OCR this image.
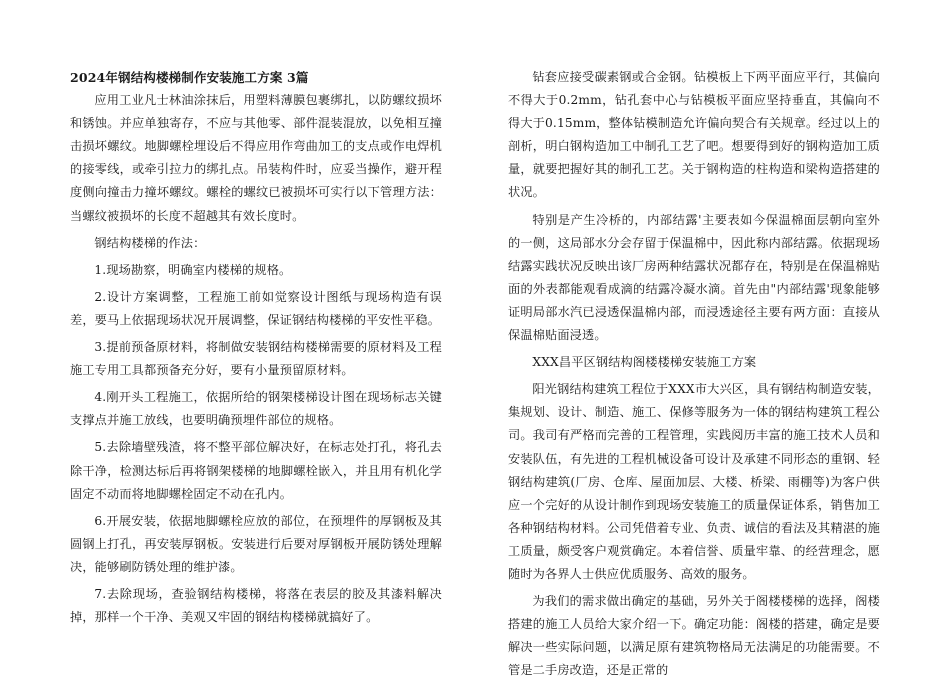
2024年钢结构楼梯制作安装施工方案 3篇

应用工业凡士林油涂抹后，用塑料薄膜包裹绑扎，以防螺纹损坏和锈蚀。并应单独寄存，不应与其他零、部件混装混放，以免相互撞击损坏螺纹。地脚螺栓埋设后不得应用作弯曲加工的支点或作电焊机的接零线，或牵引拉力的绑扎点。吊装构件时，应妥当操作，避开程度侧向撞击力撞坏螺纹。螺栓的螺纹已被损坏可实行以下管理方法：当螺纹被损坏的长度不超越其有效长度时。

钢结构楼梯的作法：

1.现场勘察，明确室内楼梯的规格。

2.设计方案调整，工程施工前如觉察设计图纸与现场构造有误差，要马上依据现场状况开展调整，保证钢结构楼梯的平安性平稳。

3.提前预备原材料，将制做安装钢结构楼梯需要的原材料及工程施工专用工具都预备充分好，要有小量预留原材料。

4.刚开头工程施工，依据所给的钢架楼梯设计图在现场标志关键支撑点并施工放线，也要明确预埋件部位的规格。

5.去除墙壁残渣，将不整平部位解决好，在标志处打孔，将孔去除干净，检测达标后再将钢架楼梯的地脚螺栓嵌入，并且用有机化学固定不动而将地脚螺栓固定不动在孔内。

6.开展安装，依据地脚螺栓应放的部位，在预埋件的厚钢板及其圆钢上打孔，再安装厚钢板。安装进行后要对厚钢板开展防锈处理解决，能够刷防锈处理的维护漆。

7.去除现场，查验钢结构楼梯，将落在表层的胶及其漆料解决掉，那样一个干净、美观又牢固的钢结构楼梯就搞好了。

钻套应接受碳素钢或合金钢。钻模板上下两平面应平行，其偏向不得大于0.2mm，钻孔套中心与钻模板平面应坚持垂直，其偏向不得大于0.15mm，整体钻模制造允许偏向契合有关规章。经过以上的剖析，明白钢构造加工中制孔工艺了吧。想要得到好的钢构造加工质量，就要把握好其的制孔工艺。关于钢构造的柱构造和梁构造搭建的状况。

特别是产生冷桥的，内部结露'主要表如今保温棉面层朝向室外的一侧，这局部水分会存留于保温棉中，因此称内部结露。依据现场结露实践状况反映出该厂房两种结露状况都存在，特别是在保温棉贴面的外表都能观看成滴的结露冷凝水滴。首先由"内部结露'现象能够证明局部水汽已浸透保温棉内部，而浸透途径主要有两方面：直接从保温棉贴面浸透。

XXX昌平区钢结构阁楼楼梯安装施工方案

阳光钢结构建筑工程位于XXX市大兴区，具有钢结构制造安装，集规划、设计、制造、施工、保修等服务为一体的钢结构建筑工程公司。我司有严格而完善的工程管理，实践阅历丰富的施工技术人员和安装队伍，有先进的工程机械设备可设计及承建不同形态的重钢、轻钢结构建筑(厂房、仓库、屋面加层、大楼、桥梁、雨棚等)为客户供应一个完好的从设计制作到现场安装施工的质量保证体系，销售加工各种钢结构材料。公司凭借着专业、负责、诚信的看法及其精湛的施工质量，颇受客户观赏确定。本着信誉、质量牢靠、的经营理念，愿随时为各界人士供应优质服务、高效的服务。

为我们的需求做出确定的基础，另外关于阁楼楼梯的选择，阁楼搭建的施工人员给大家介绍一下。确定功能：阁楼的搭建，确定是要解决一些实际问题，以满足原有建筑物格局无法满足的功能需要。不管是二手房改造，还是正常的
